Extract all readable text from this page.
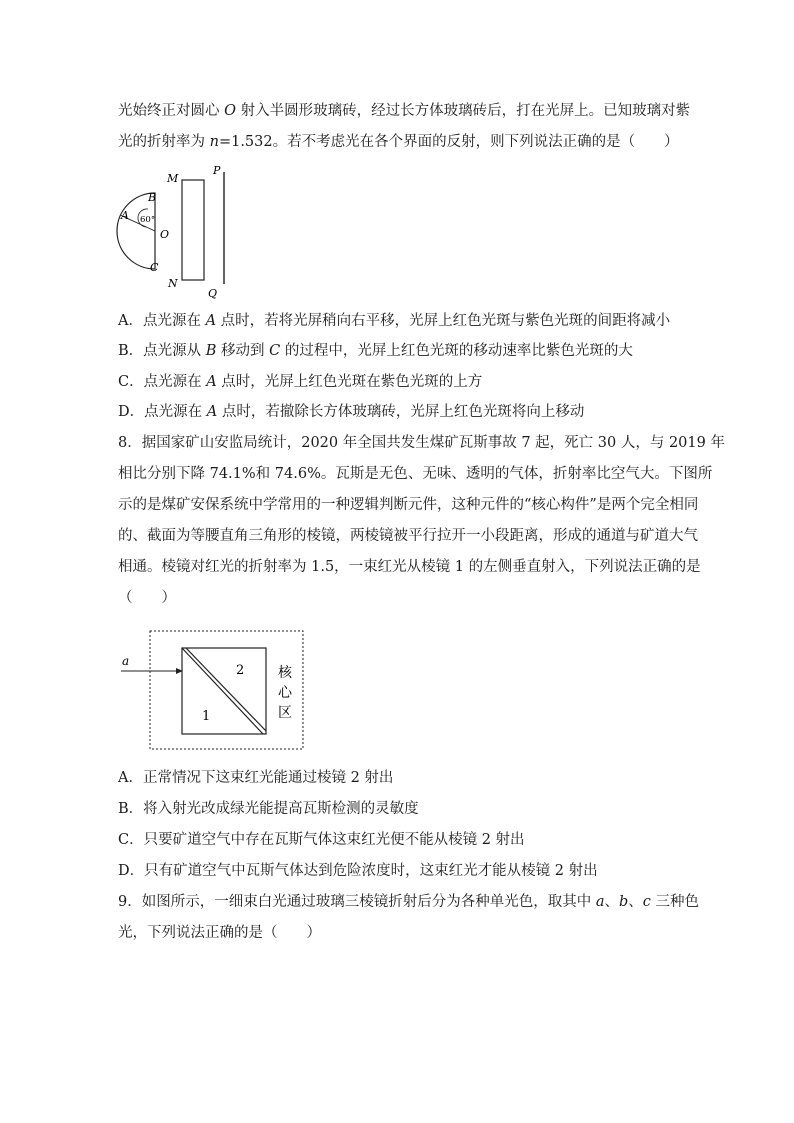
光始终正对圆心 O 射入半圆形玻璃砖，经过长方体玻璃砖后，打在光屏上。已知玻璃对紫
光的折射率为 n=1.532。若不考虑光在各个界面的反射，则下列说法正确的是（　　）
B
M
P
A 60°
O
C
N
Q
A．点光源在 A 点时，若将光屏稍向右平移，光屏上红色光斑与紫色光斑的间距将减小
B．点光源从 B 移动到 C 的过程中，光屏上红色光斑的移动速率比紫色光斑的大
C．点光源在 A 点时，光屏上红色光斑在紫色光斑的上方
D．点光源在 A 点时，若撤除长方体玻璃砖，光屏上红色光斑将向上移动
8．据国家矿山安监局统计，2020 年全国共发生煤矿瓦斯事故 7 起，死亡 30 人，与 2019 年
相比分别下降 74.1%和 74.6%。瓦斯是无色、无味、透明的气体，折射率比空气大。下图所
示的是煤矿安保系统中学常用的一种逻辑判断元件，这种元件的“核心构件”是两个完全相同
的、截面为等腰直角三角形的棱镜，两棱镜被平行拉开一小段距离，形成的通道与矿道大气
相通。棱镜对红光的折射率为 1.5，一束红光从棱镜 1 的左侧垂直射入，下列说法正确的是
（　　）
a
2
1
核
心
区
A．正常情况下这束红光能通过棱镜 2 射出
B．将入射光改成绿光能提高瓦斯检测的灵敏度
C．只要矿道空气中存在瓦斯气体这束红光便不能从棱镜 2 射出
D．只有矿道空气中瓦斯气体达到危险浓度时，这束红光才能从棱镜 2 射出
9．如图所示，一细束白光通过玻璃三棱镜折射后分为各种单光色，取其中 a、b、c 三种色
光，下列说法正确的是（　　）
